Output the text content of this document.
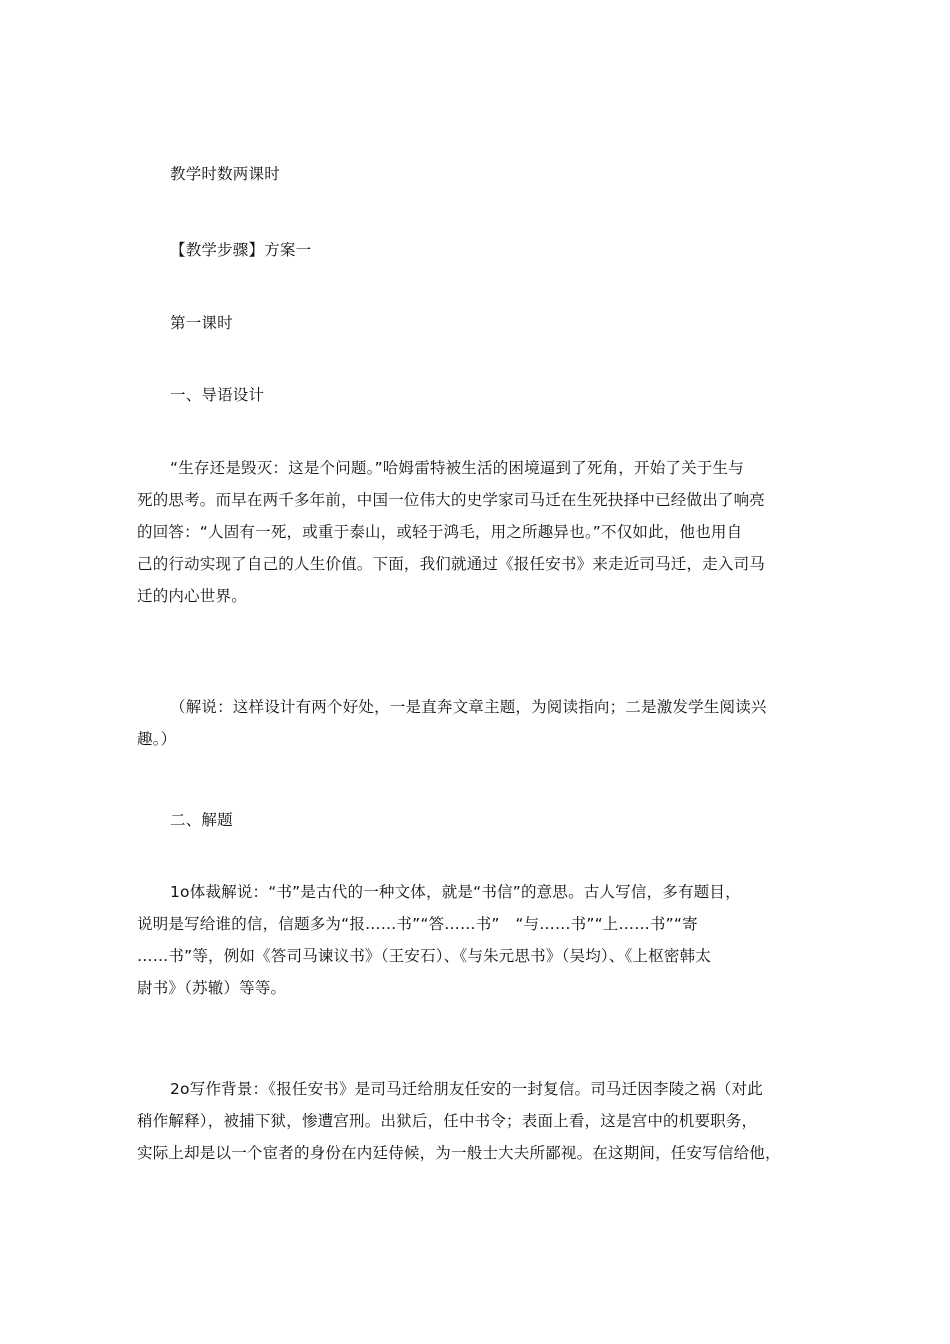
教学时数两课时
【教学步骤】方案一
第一课时
一、导语设计
“生存还是毁灭：这是个问题。”哈姆雷特被生活的困境逼到了死角，开始了关于生与
死的思考。而早在两千多年前，中国一位伟大的史学家司马迁在生死抉择中已经做出了响亮
的回答：“人固有一死，或重于泰山，或轻于鸿毛，用之所趣异也。”不仅如此，他也用自
己的行动实现了自己的人生价值。下面，我们就通过《报任安书》来走近司马迁，走入司马
迁的内心世界。
（解说：这样设计有两个好处，一是直奔文章主题，为阅读指向；二是激发学生阅读兴
趣。）
二、解题
1o体裁解说：“书”是古代的一种文体，就是“书信”的意思。古人写信，多有题目，
说明是写给谁的信，信题多为“报……书”“答……书”　“与……书”“上……书”“寄
……书”等，例如《答司马谏议书》（王安石）、《与朱元思书》（吴均）、《上枢密韩太
尉书》（苏辙）等等。
2o写作背景：《报任安书》是司马迁给朋友任安的一封复信。司马迁因李陵之祸（对此
稍作解释），被捕下狱，惨遭宫刑。出狱后，任中书令；表面上看，这是宫中的机要职务，
实际上却是以一个宦者的身份在内廷侍候，为一般士大夫所鄙视。在这期间，任安写信给他，
